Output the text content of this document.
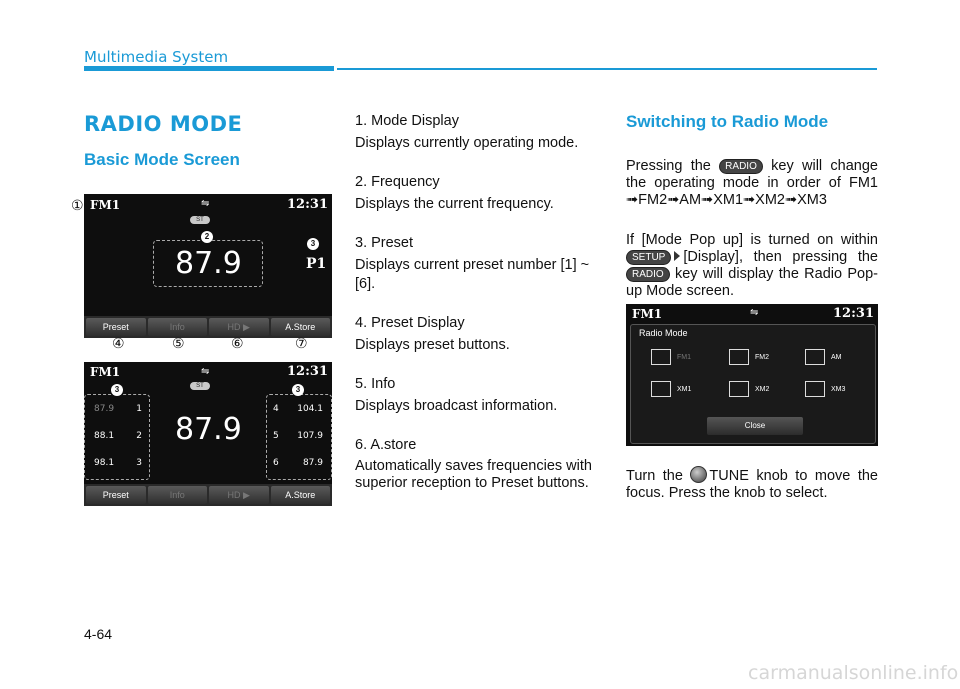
Multimedia System
RADIO MODE
Basic Mode Screen
FM1	⇋	12:31
ST
87.9	P1
Preset	Info	HD ▶	A.Store
2
3
①
④	⑤	⑥	⑦
FM1	⇋	12:31
ST
87.9 1
88.1 2
98.1 3
87.9
4 104.1
5 107.9
6	87.9
Preset	Info	HD ▶	A.Store
3	3

1. Mode Display

Displays currently operating mode.

2. Frequency

Displays the current frequency.

3. Preset

Displays current preset number [1] ~ [6].

4. Preset Display

Displays preset buttons.

5. Info

Displays broadcast information.

6. A.store

Automatically saves frequencies with superior reception to Preset buttons.

Switching to Radio Mode

Pressing the RADIO key will change the operating mode in order of FM1 ➟FM2➟AM➟XM1➟XM2➟XM3

If [Mode Pop up] is turned on within SETUP [Display], then pressing the RADIO key will display the Radio Pop-up Mode screen.

FM1	⇋	12:31
Radio Mode
FM1	FM2	AM
XM1	XM2	XM3
Close

Turn the TUNE knob to move the focus. Press the knob to select.

4-64
carmanualsonline.info
